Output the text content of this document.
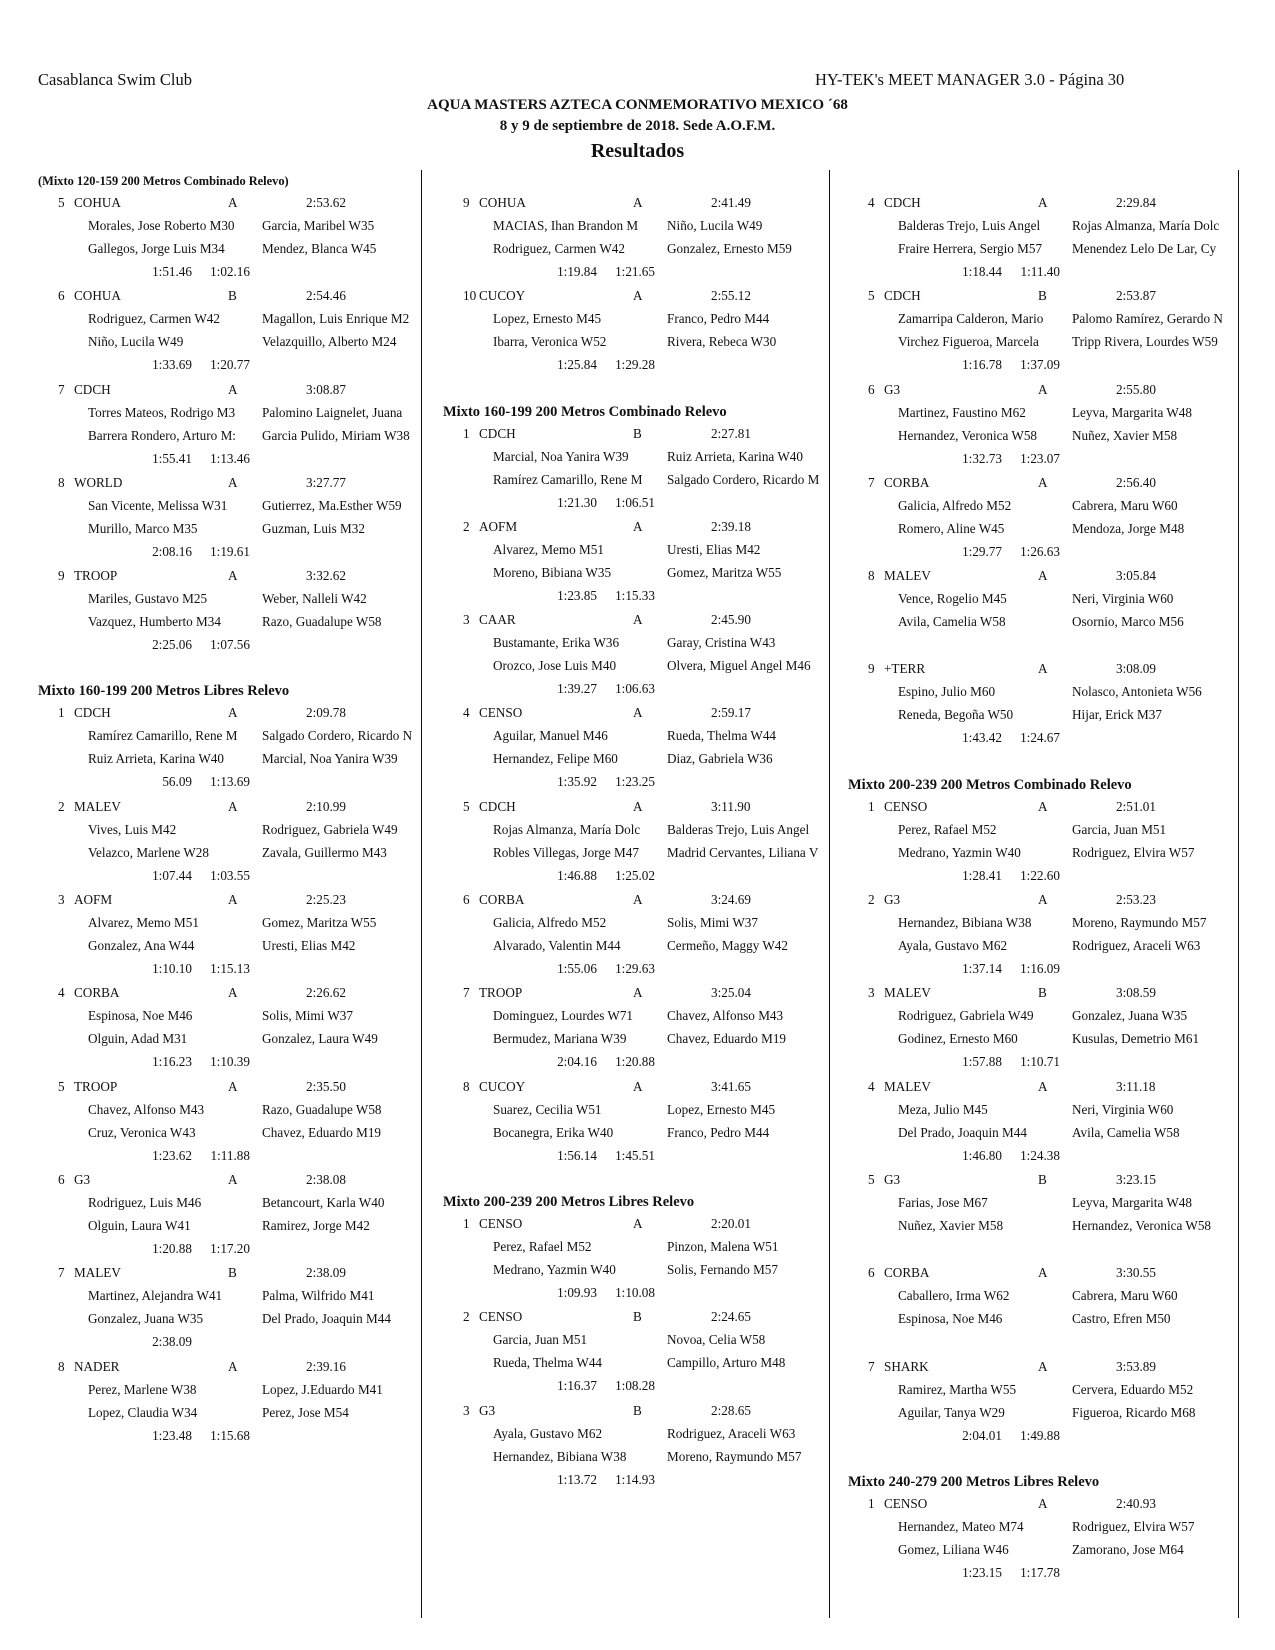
Casablanca Swim Club	HY-TEK's MEET MANAGER 3.0 - Página 30
AQUA MASTERS AZTECA CONMEMORATIVO MEXICO ´68
8 y 9 de septiembre de 2018. Sede A.O.F.M.
Resultados
(Mixto 120-159 200 Metros Combinado Relevo)
5 COHUA	A	2:53.62
Morales, Jose Roberto M30	Garcia, Maribel W35
Gallegos, Jorge Luis M34	Mendez, Blanca W45
1:51.46	1:02.16
6 COHUA	B	2:54.46
Rodriguez, Carmen W42	Magallon, Luis Enrique M2
Niño, Lucila W49	Velazquillo, Alberto M24
1:33.69	1:20.77
7 CDCH	A	3:08.87
Torres Mateos, Rodrigo M3	Palomino Laignelet, Juana
Barrera Rondero, Arturo M:	Garcia Pulido, Miriam W38
1:55.41	1:13.46
8 WORLD	A	3:27.77
San Vicente, Melissa W31	Gutierrez, Ma.Esther W59
Murillo, Marco M35	Guzman, Luis M32
2:08.16	1:19.61
9 TROOP	A	3:32.62
Mariles, Gustavo M25	Weber, Nalleli W42
Vazquez, Humberto M34	Razo, Guadalupe W58
2:25.06	1:07.56
Mixto 160-199 200 Metros Libres Relevo
1 CDCH	A	2:09.78
Ramírez Camarillo, Rene M	Salgado Cordero, Ricardo N
Ruiz Arrieta, Karina W40	Marcial, Noa Yanira W39
56.09	1:13.69
2 MALEV	A	2:10.99
Vives, Luis M42	Rodriguez, Gabriela W49
Velazco, Marlene W28	Zavala, Guillermo M43
1:07.44	1:03.55
3 AOFM	A	2:25.23
Alvarez, Memo M51	Gomez, Maritza W55
Gonzalez, Ana W44	Uresti, Elias M42
1:10.10	1:15.13
4 CORBA	A	2:26.62
Espinosa, Noe M46	Solis, Mimi W37
Olguin, Adad M31	Gonzalez, Laura W49
1:16.23	1:10.39
5 TROOP	A	2:35.50
Chavez, Alfonso M43	Razo, Guadalupe W58
Cruz, Veronica W43	Chavez, Eduardo M19
1:23.62	1:11.88
6 G3	A	2:38.08
Rodriguez, Luis M46	Betancourt, Karla W40
Olguin, Laura W41	Ramirez, Jorge M42
1:20.88	1:17.20
7 MALEV	B	2:38.09
Martinez, Alejandra W41	Palma, Wilfrido M41
Gonzalez, Juana W35	Del Prado, Joaquin M44
2:38.09
8 NADER	A	2:39.16
Perez, Marlene W38	Lopez, J.Eduardo M41
Lopez, Claudia W34	Perez, Jose M54
1:23.48	1:15.68
9 COHUA	A	2:41.49
MACIAS, Ihan Brandon M	Niño, Lucila W49
Rodriguez, Carmen W42	Gonzalez, Ernesto M59
1:19.84	1:21.65
10 CUCOY	A	2:55.12
Lopez, Ernesto M45	Franco, Pedro M44
Ibarra, Veronica W52	Rivera, Rebeca W30
1:25.84	1:29.28
Mixto 160-199 200 Metros Combinado Relevo
1 CDCH	B	2:27.81
Marcial, Noa Yanira W39	Ruiz Arrieta, Karina W40
Ramírez Camarillo, Rene M	Salgado Cordero, Ricardo M
1:21.30	1:06.51
2 AOFM	A	2:39.18
Alvarez, Memo M51	Uresti, Elias M42
Moreno, Bibiana W35	Gomez, Maritza W55
1:23.85	1:15.33
3 CAAR	A	2:45.90
Bustamante, Erika W36	Garay, Cristina W43
Orozco, Jose Luis M40	Olvera, Miguel Angel M46
1:39.27	1:06.63
4 CENSO	A	2:59.17
Aguilar, Manuel M46	Rueda, Thelma W44
Hernandez, Felipe M60	Diaz, Gabriela W36
1:35.92	1:23.25
5 CDCH	A	3:11.90
Rojas Almanza, María Dolc	Balderas Trejo, Luis Angel
Robles Villegas, Jorge M47	Madrid Cervantes, Liliana V
1:46.88	1:25.02
6 CORBA	A	3:24.69
Galicia, Alfredo M52	Solis, Mimi W37
Alvarado, Valentin M44	Cermeño, Maggy W42
1:55.06	1:29.63
7 TROOP	A	3:25.04
Dominguez, Lourdes W71	Chavez, Alfonso M43
Bermudez, Mariana W39	Chavez, Eduardo M19
2:04.16	1:20.88
8 CUCOY	A	3:41.65
Suarez, Cecilia W51	Lopez, Ernesto M45
Bocanegra, Erika W40	Franco, Pedro M44
1:56.14	1:45.51
Mixto 200-239 200 Metros Libres Relevo
1 CENSO	A	2:20.01
Perez, Rafael M52	Pinzon, Malena W51
Medrano, Yazmin W40	Solis, Fernando M57
1:09.93	1:10.08
2 CENSO	B	2:24.65
Garcia, Juan M51	Novoa, Celia W58
Rueda, Thelma W44	Campillo, Arturo M48
1:16.37	1:08.28
3 G3	B	2:28.65
Ayala, Gustavo M62	Rodriguez, Araceli W63
Hernandez, Bibiana W38	Moreno, Raymundo M57
1:13.72	1:14.93
4 CDCH	A	2:29.84
Balderas Trejo, Luis Angel	Rojas Almanza, María Dolc
Fraire Herrera, Sergio M57	Menendez Lelo De Lar, Cy
1:18.44	1:11.40
5 CDCH	B	2:53.87
Zamarripa Calderon, Mario	Palomo Ramírez, Gerardo N
Virchez Figueroa, Marcela	Tripp Rivera, Lourdes W59
1:16.78	1:37.09
6 G3	A	2:55.80
Martinez, Faustino M62	Leyva, Margarita W48
Hernandez, Veronica W58	Nuñez, Xavier M58
1:32.73	1:23.07
7 CORBA	A	2:56.40
Galicia, Alfredo M52	Cabrera, Maru W60
Romero, Aline W45	Mendoza, Jorge M48
1:29.77	1:26.63
8 MALEV	A	3:05.84
Vence, Rogelio M45	Neri, Virginia W60
Avila, Camelia W58	Osornio, Marco M56
9 +TERR	A	3:08.09
Espino, Julio M60	Nolasco, Antonieta W56
Reneda, Begoña W50	Hijar, Erick M37
1:43.42	1:24.67
Mixto 200-239 200 Metros Combinado Relevo
1 CENSO	A	2:51.01
Perez, Rafael M52	Garcia, Juan M51
Medrano, Yazmin W40	Rodriguez, Elvira W57
1:28.41	1:22.60
2 G3	A	2:53.23
Hernandez, Bibiana W38	Moreno, Raymundo M57
Ayala, Gustavo M62	Rodriguez, Araceli W63
1:37.14	1:16.09
3 MALEV	B	3:08.59
Rodriguez, Gabriela W49	Gonzalez, Juana W35
Godinez, Ernesto M60	Kusulas, Demetrio M61
1:57.88	1:10.71
4 MALEV	A	3:11.18
Meza, Julio M45	Neri, Virginia W60
Del Prado, Joaquin M44	Avila, Camelia W58
1:46.80	1:24.38
5 G3	B	3:23.15
Farias, Jose M67	Leyva, Margarita W48
Nuñez, Xavier M58	Hernandez, Veronica W58
6 CORBA	A	3:30.55
Caballero, Irma W62	Cabrera, Maru W60
Espinosa, Noe M46	Castro, Efren M50
7 SHARK	A	3:53.89
Ramirez, Martha W55	Cervera, Eduardo M52
Aguilar, Tanya W29	Figueroa, Ricardo M68
2:04.01	1:49.88
Mixto 240-279 200 Metros Libres Relevo
1 CENSO	A	2:40.93
Hernandez, Mateo M74	Rodriguez, Elvira W57
Gomez, Liliana W46	Zamorano, Jose M64
1:23.15	1:17.78
